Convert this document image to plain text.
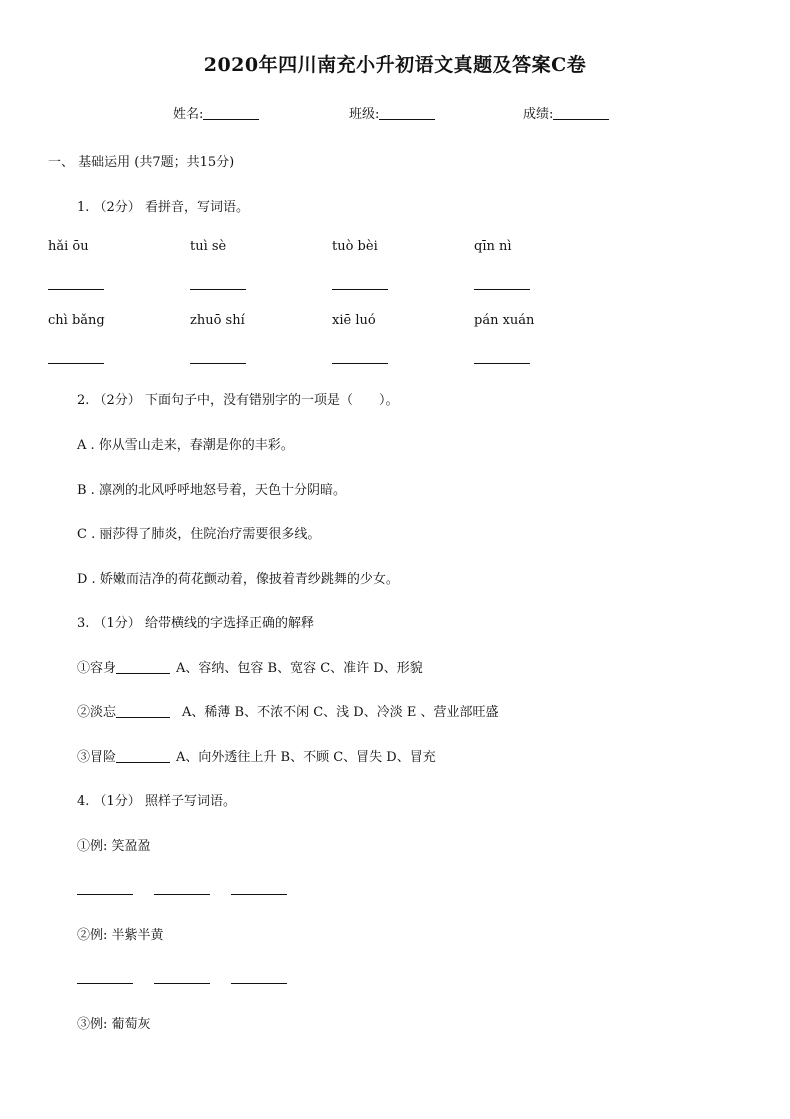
2020年四川南充小升初语文真题及答案C卷
姓名:	班级:	成绩:
一、 基础运用 (共7题；共15分)
1. （2分） 看拼音，写词语。
hǎi ōu	tuì sè	tuò bèi	qīn nì
chì bǎng	zhuō shí	xiē luó	pán xuán
2. （2分） 下面句子中，没有错别字的一项是（　　）。
A . 你从雪山走来，春潮是你的丰彩。
B . 凛冽的北风呼呼地怒号着，天色十分阴暗。
C . 丽莎得了肺炎，住院治疗需要很多线。
D . 娇嫩而洁净的荷花颤动着，像披着青纱跳舞的少女。
3. （1分） 给带横线的字选择正确的解释
①容身	A、容纳、包容 B、宽容 C、准许 D、形貌
②淡忘	A、稀薄 B、不浓不闲 C、浅 D、冷淡 E 、营业部旺盛
③冒险	A、向外透往上升 B、不顾 C、冒失 D、冒充
4. （1分） 照样子写词语。
①例: 笑盈盈
②例: 半紫半黄
③例: 葡萄灰
